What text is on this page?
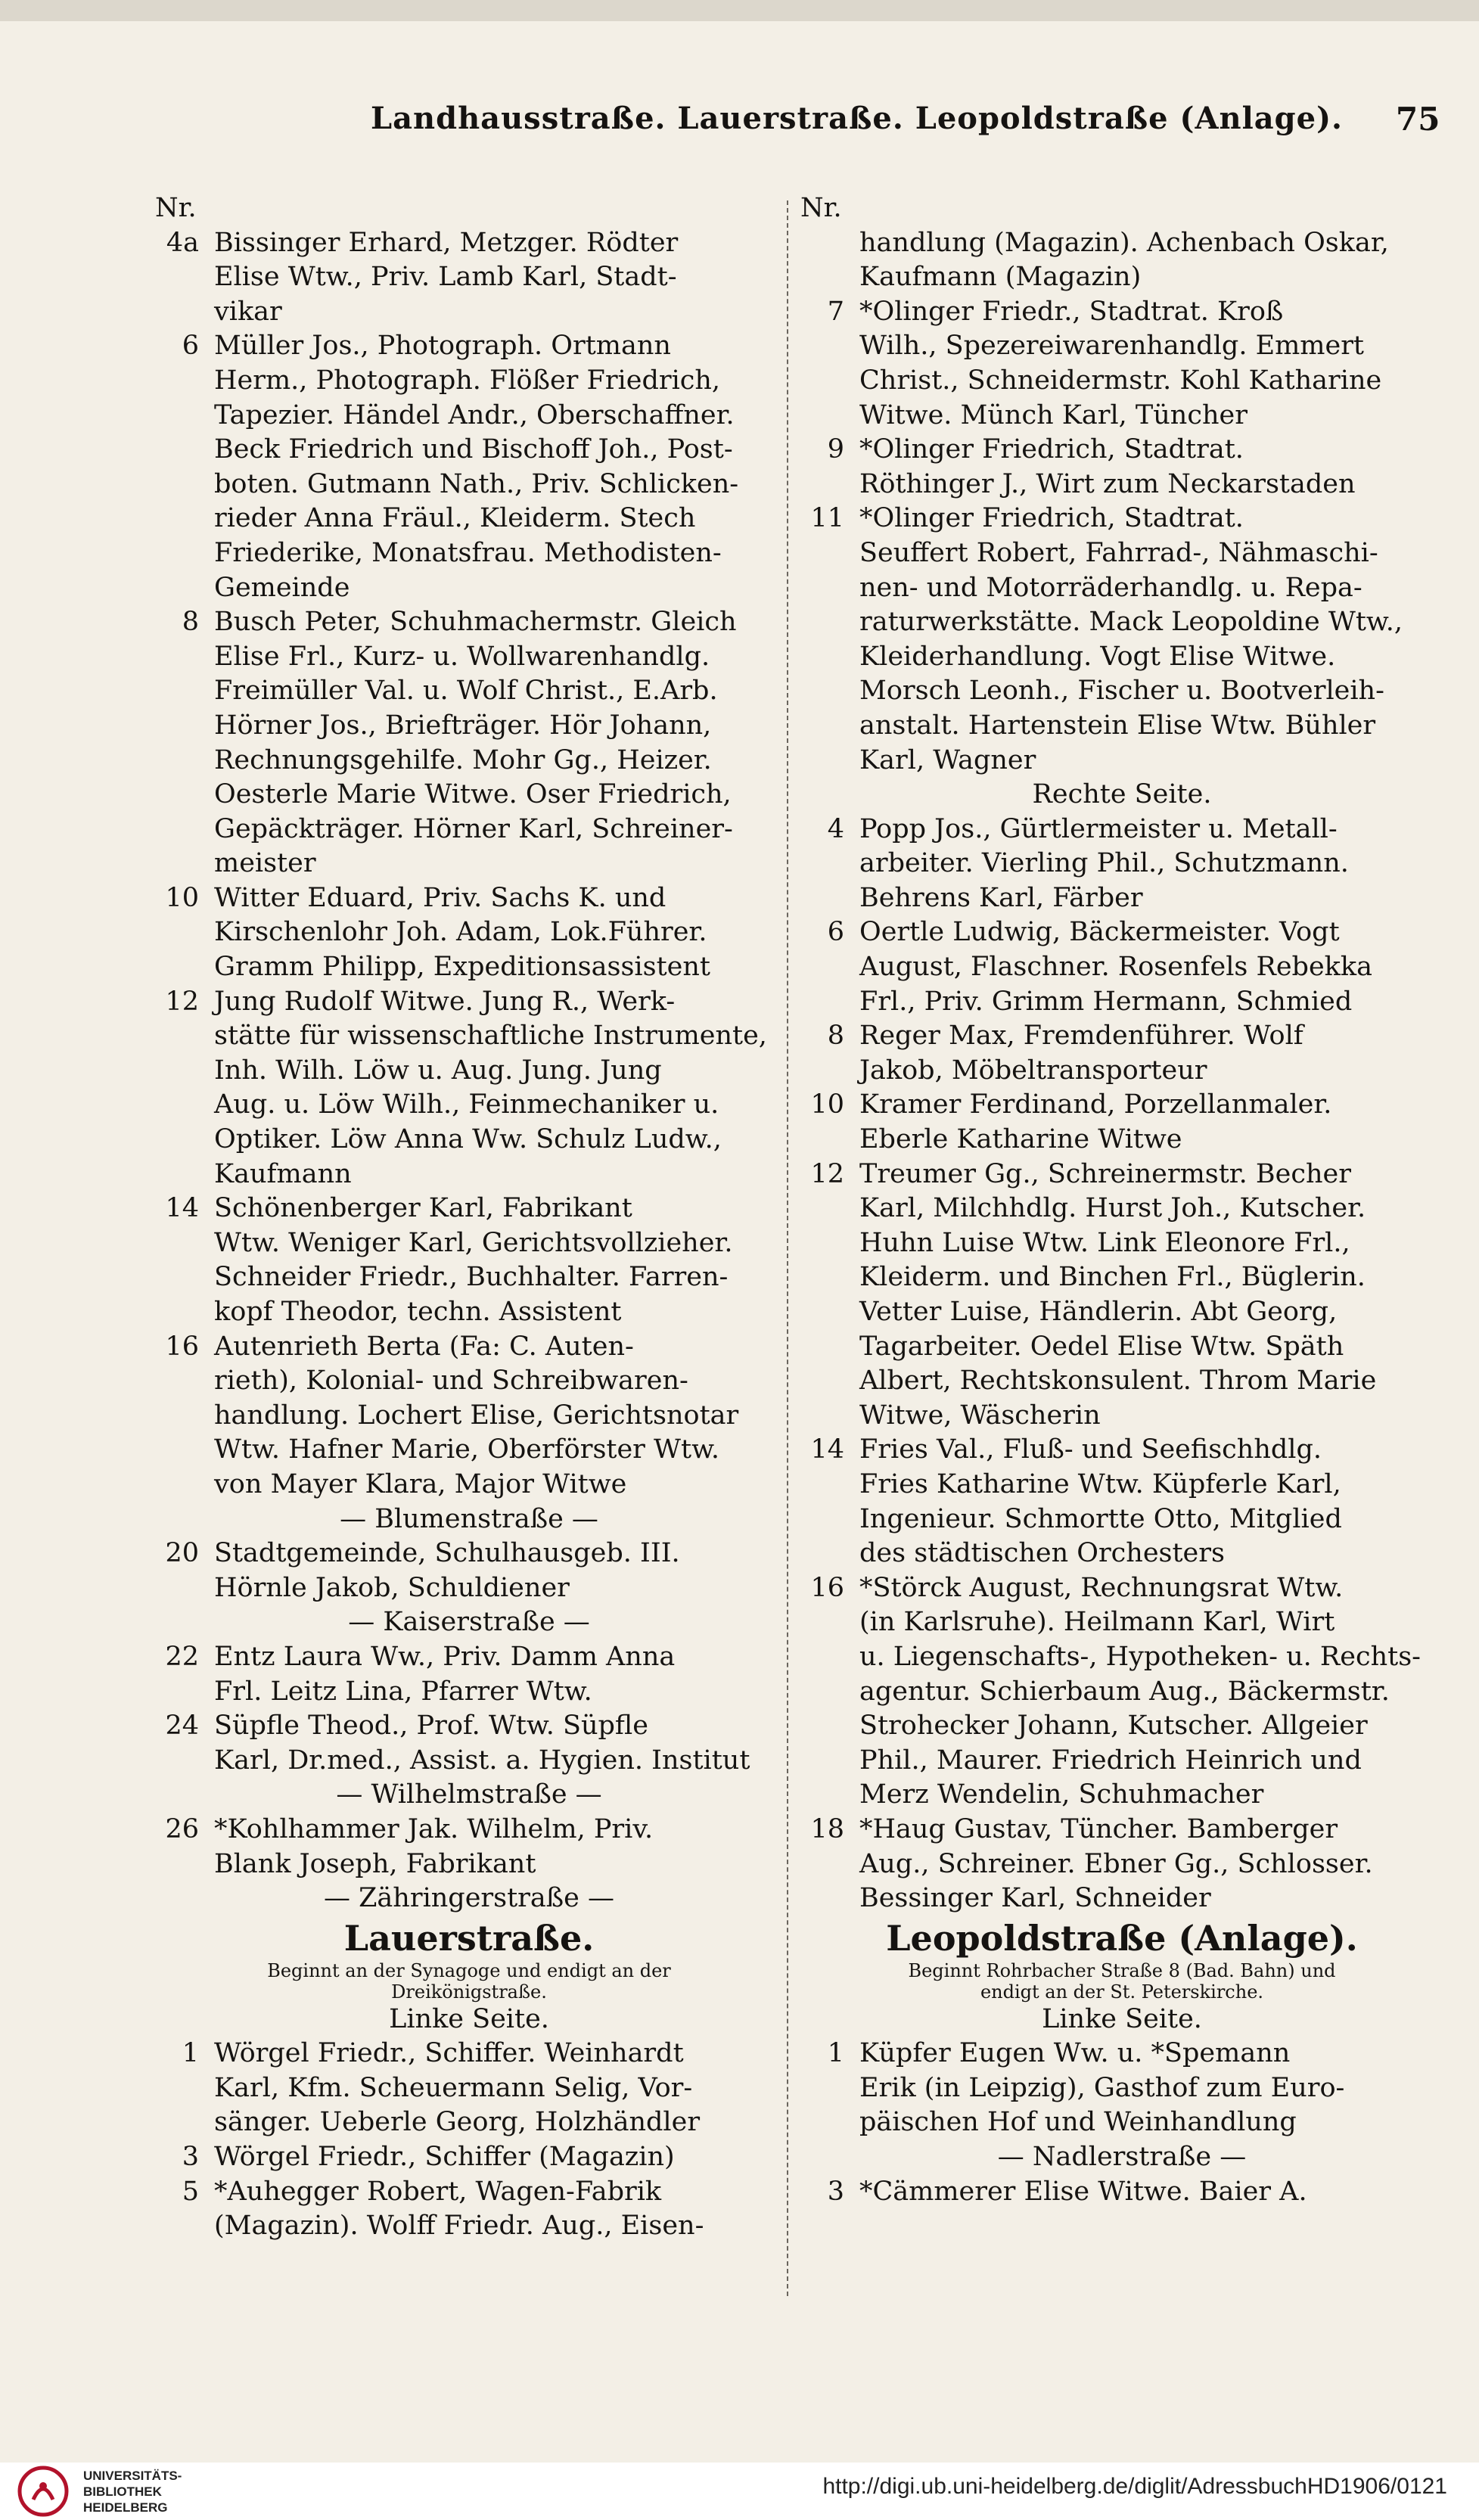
Landhausstraße. Lauerstraße. Leopoldstraße (Anlage). 75
Nr.
4a Bissinger Erhard, Metzger. Rödter
Elise Wtw., Priv. Lamb Karl, Stadt-
vikar
6 Müller Jos., Photograph. Ortmann
Herm., Photograph. Flößer Friedrich,
Tapezier. Händel Andr., Oberschaffner.
Beck Friedrich und Bischoff Joh., Post-
boten. Gutmann Nath., Priv. Schlicken-
rieder Anna Fräul., Kleiderm. Stech
Friederike, Monatsfrau. Methodisten-
Gemeinde
8 Busch Peter, Schuhmachermstr. Gleich
Elise Frl., Kurz- u. Wollwarenhandlg.
Freimüller Val. u. Wolf Christ., E.Arb.
Hörner Jos., Briefträger. Hör Johann,
Rechnungsgehilfe. Mohr Gg., Heizer.
Oesterle Marie Witwe. Oser Friedrich,
Gepäckträger. Hörner Karl, Schreiner-
meister
10 Witter Eduard, Priv. Sachs K. und
Kirschenlohr Joh. Adam, Lok.Führer.
Gramm Philipp, Expeditionsassistent
12 Jung Rudolf Witwe. Jung R., Werk-
stätte für wissenschaftliche Instrumente,
Inh. Wilh. Löw u. Aug. Jung. Jung
Aug. u. Löw Wilh., Feinmechaniker u.
Optiker. Löw Anna Ww. Schulz Ludw.,
Kaufmann
14 Schönenberger Karl, Fabrikant
Wtw. Weniger Karl, Gerichtsvollzieher.
Schneider Friedr., Buchhalter. Farren-
kopf Theodor, techn. Assistent
16 Autenrieth Berta (Fa: C. Auten-
rieth), Kolonial- und Schreibwaren-
handlung. Lochert Elise, Gerichtsnotar
Wtw. Hafner Marie, Oberförster Wtw.
von Mayer Klara, Major Witwe
— Blumenstraße —
20 Stadtgemeinde, Schulhausgeb. III.
Hörnle Jakob, Schuldiener
— Kaiserstraße —
22 Entz Laura Ww., Priv. Damm Anna
Frl. Leitz Lina, Pfarrer Wtw.
24 Süpfle Theod., Prof. Wtw. Süpfle
Karl, Dr.med., Assist. a. Hygien. Institut
— Wilhelmstraße —
26 *Kohlhammer Jak. Wilhelm, Priv.
Blank Joseph, Fabrikant
— Zähringerstraße —
Lauerstraße.
Beginnt an der Synagoge und endigt an der
Dreikönigstraße.
Linke Seite.
1 Wörgel Friedr., Schiffer. Weinhardt
Karl, Kfm. Scheuermann Selig, Vor-
sänger. Ueberle Georg, Holzhändler
3 Wörgel Friedr., Schiffer (Magazin)
5 *Auhegger Robert, Wagen-Fabrik
(Magazin). Wolff Friedr. Aug., Eisen-
Nr.
handlung (Magazin). Achenbach Oskar,
Kaufmann (Magazin)
7 *Olinger Friedr., Stadtrat. Kroß
Wilh., Spezereiwarenhandlg. Emmert
Christ., Schneidermstr. Kohl Katharine
Witwe. Münch Karl, Tüncher
9 *Olinger Friedrich, Stadtrat.
Röthinger J., Wirt zum Neckarstaden
11 *Olinger Friedrich, Stadtrat.
Seuffert Robert, Fahrrad-, Nähmaschi-
nen- und Motorräderhandlg. u. Repa-
raturwerkstätte. Mack Leopoldine Wtw.,
Kleiderhandlung. Vogt Elise Witwe.
Morsch Leonh., Fischer u. Bootverleih-
anstalt. Hartenstein Elise Wtw. Bühler
Karl, Wagner
Rechte Seite.
4 Popp Jos., Gürtlermeister u. Metall-
arbeiter. Vierling Phil., Schutzmann.
Behrens Karl, Färber
6 Oertle Ludwig, Bäckermeister. Vogt
August, Flaschner. Rosenfels Rebekka
Frl., Priv. Grimm Hermann, Schmied
8 Reger Max, Fremdenführer. Wolf
Jakob, Möbeltransporteur
10 Kramer Ferdinand, Porzellanmaler.
Eberle Katharine Witwe
12 Treumer Gg., Schreinermstr. Becher
Karl, Milchhdlg. Hurst Joh., Kutscher.
Huhn Luise Wtw. Link Eleonore Frl.,
Kleiderm. und Binchen Frl., Büglerin.
Vetter Luise, Händlerin. Abt Georg,
Tagarbeiter. Oedel Elise Wtw. Späth
Albert, Rechtskonsulent. Throm Marie
Witwe, Wäscherin
14 Fries Val., Fluß- und Seefischhdlg.
Fries Katharine Wtw. Küpferle Karl,
Ingenieur. Schmortte Otto, Mitglied
des städtischen Orchesters
16 *Störck August, Rechnungsrat Wtw.
(in Karlsruhe). Heilmann Karl, Wirt
u. Liegenschafts-, Hypotheken- u. Rechts-
agentur. Schierbaum Aug., Bäckermstr.
Strohecker Johann, Kutscher. Allgeier
Phil., Maurer. Friedrich Heinrich und
Merz Wendelin, Schuhmacher
18 *Haug Gustav, Tüncher. Bamberger
Aug., Schreiner. Ebner Gg., Schlosser.
Bessinger Karl, Schneider
Leopoldstraße (Anlage).
Beginnt Rohrbacher Straße 8 (Bad. Bahn) und
endigt an der St. Peterskirche.
Linke Seite.
1 Küpfer Eugen Ww. u. *Spemann
Erik (in Leipzig), Gasthof zum Euro-
päischen Hof und Weinhandlung
— Nadlerstraße —
3 *Cämmerer Elise Witwe. Baier A.
UNIVERSITÄTS-
BIBLIOTHEK
HEIDELBERG
http://digi.ub.uni-heidelberg.de/diglit/AdressbuchHD1906/0121
